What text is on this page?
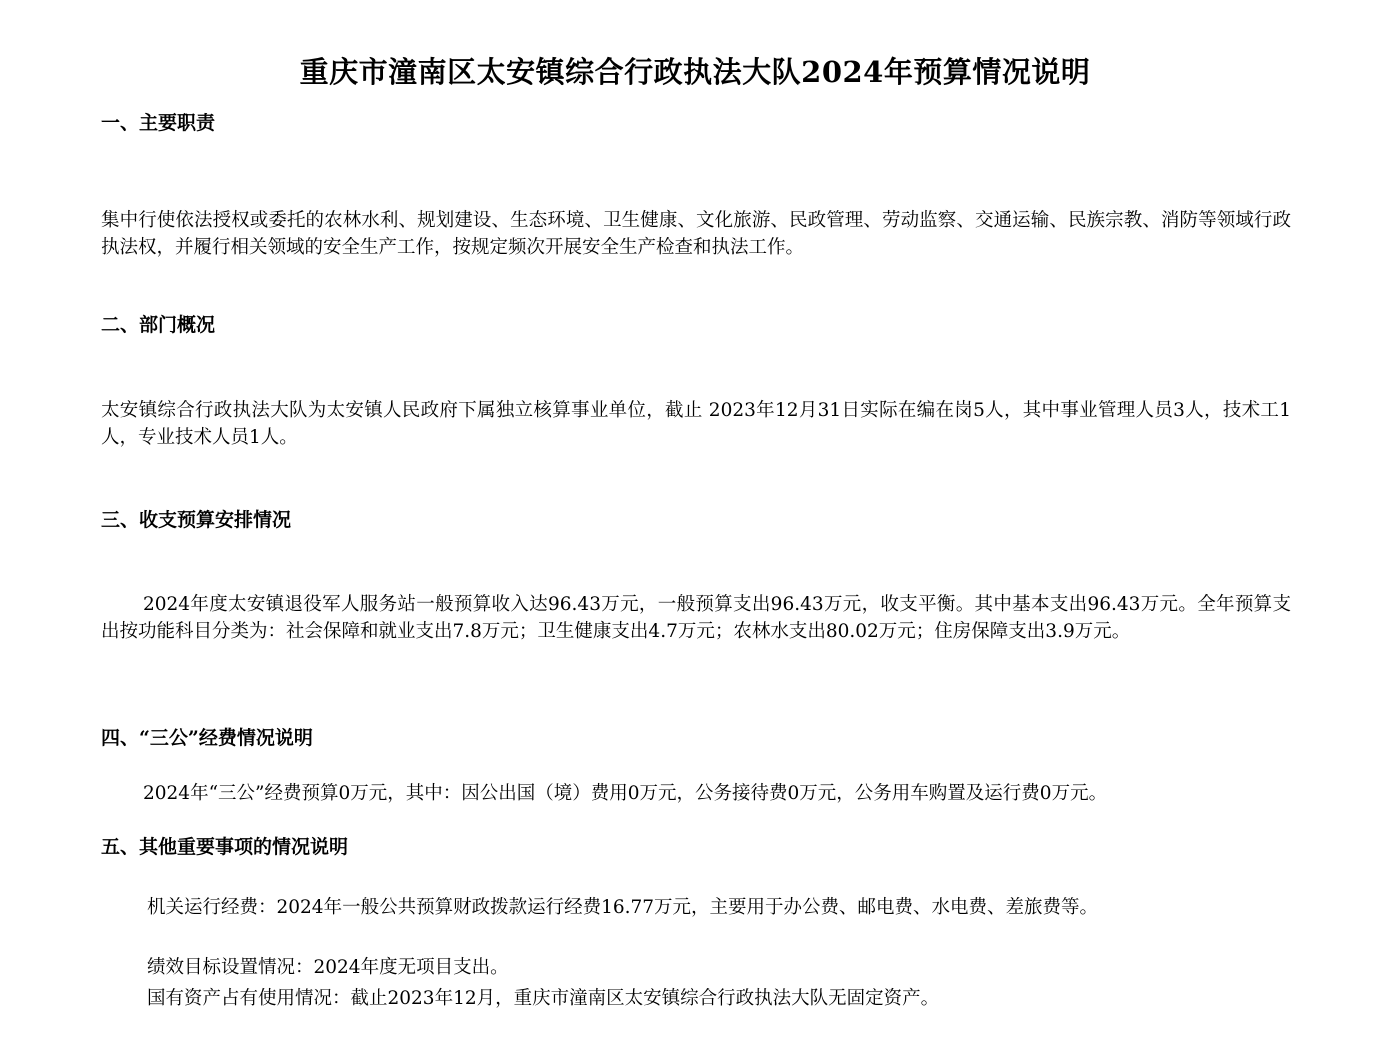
重庆市潼南区太安镇综合行政执法大队2024年预算情况说明
一、主要职责
集中行使依法授权或委托的农林水利、规划建设、生态环境、卫生健康、文化旅游、民政管理、劳动监察、交通运输、民族宗教、消防等领域行政执法权，并履行相关领域的安全生产工作，按规定频次开展安全生产检查和执法工作。
二、部门概况
太安镇综合行政执法大队为太安镇人民政府下属独立核算事业单位，截止 2023年12月31日实际在编在岗5人，其中事业管理人员3人，技术工1人，专业技术人员1人。
三、收支预算安排情况
2024年度太安镇退役军人服务站一般预算收入达96.43万元，一般预算支出96.43万元，收支平衡。其中基本支出96.43万元。全年预算支出按功能科目分类为：社会保障和就业支出7.8万元；卫生健康支出4.7万元；农林水支出80.02万元；住房保障支出3.9万元。
四、“三公”经费情况说明
2024年“三公”经费预算0万元，其中：因公出国（境）费用0万元，公务接待费0万元，公务用车购置及运行费0万元。
五、其他重要事项的情况说明
机关运行经费：2024年一般公共预算财政拨款运行经费16.77万元，主要用于办公费、邮电费、水电费、差旅费等。
绩效目标设置情况：2024年度无项目支出。
国有资产占有使用情况：截止2023年12月，重庆市潼南区太安镇综合行政执法大队无固定资产。
